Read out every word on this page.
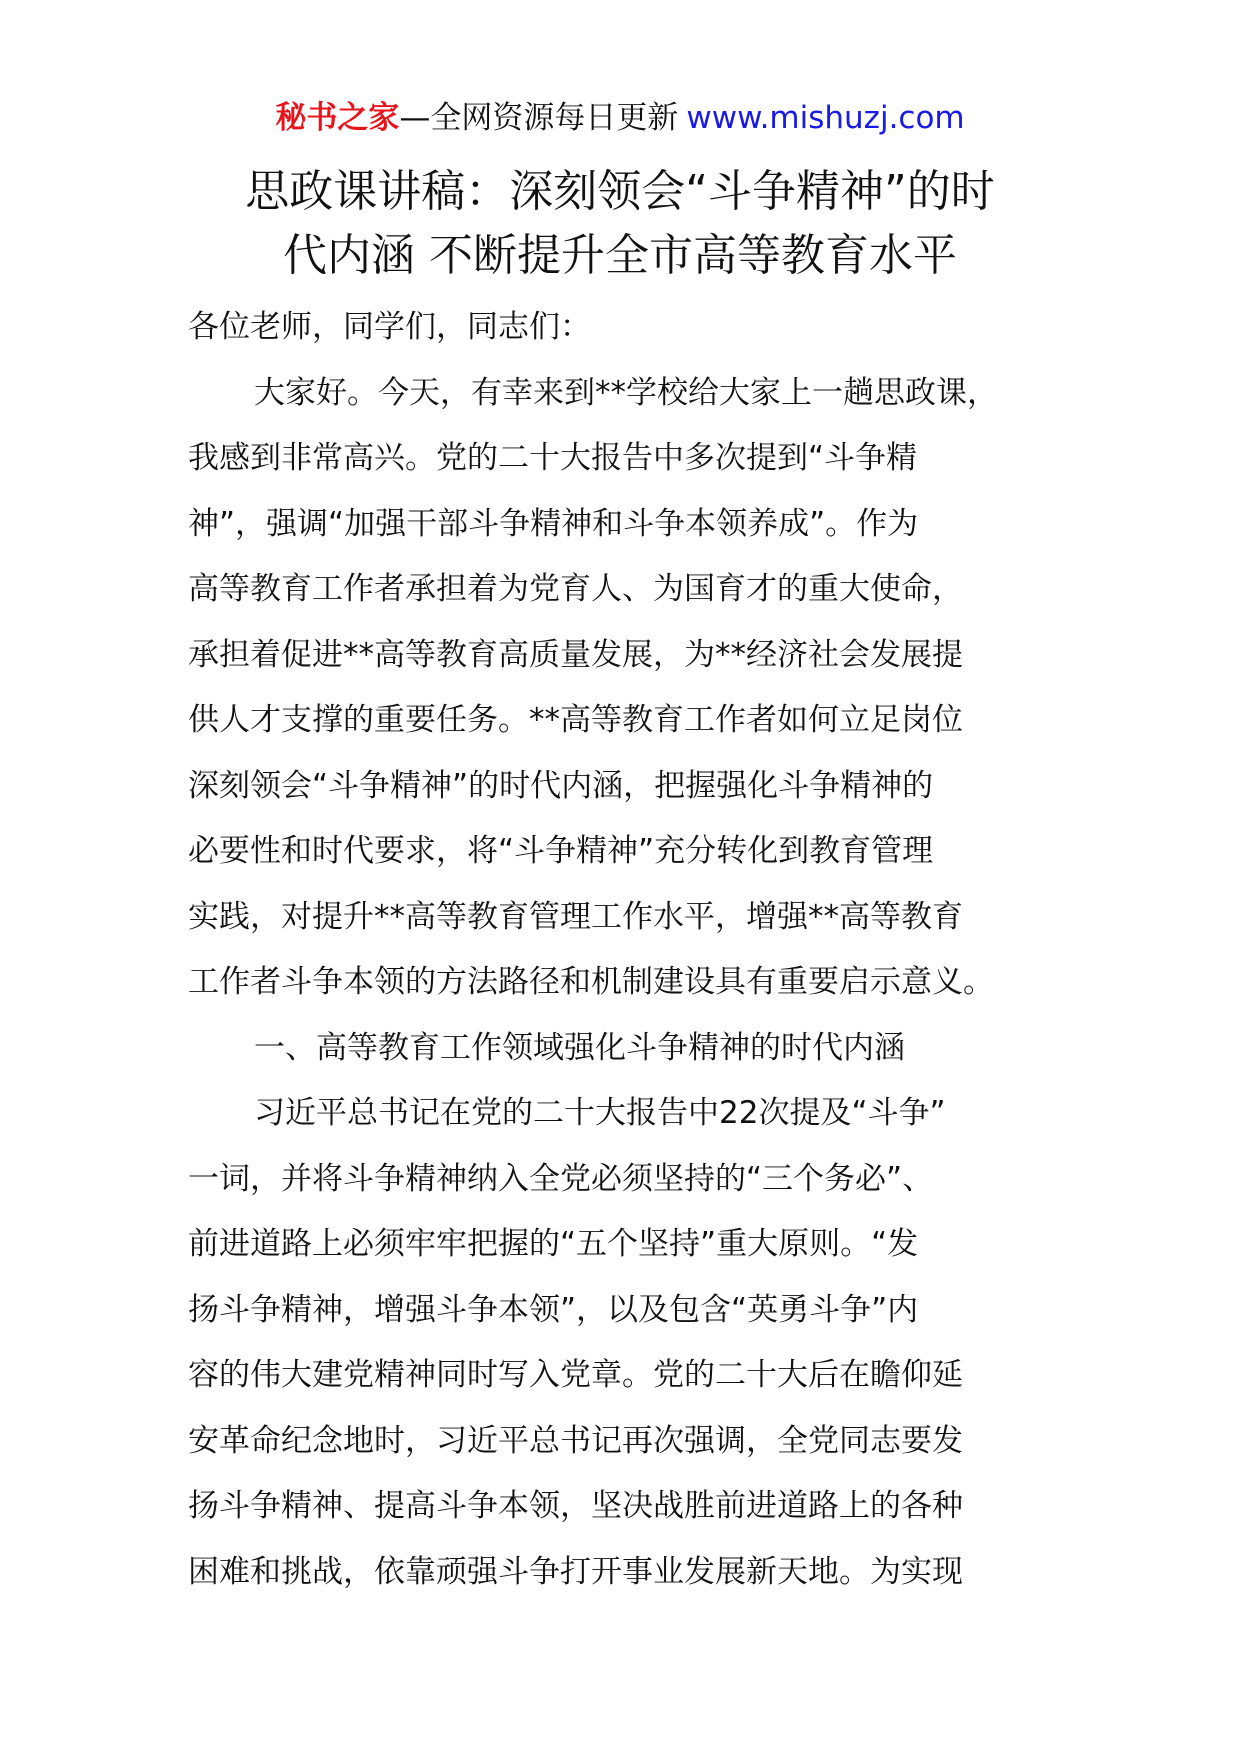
秘书之家—全网资源每日更新 www.mishuzj.com
思政课讲稿：深刻领会“斗争精神”的时
代内涵 不断提升全市高等教育水平
各位老师，同学们，同志们：
大家好。今天，有幸来到**学校给大家上一趟思政课，
我感到非常高兴。党的二十大报告中多次提到“斗争精
神”，强调“加强干部斗争精神和斗争本领养成”。作为
高等教育工作者承担着为党育人、为国育才的重大使命，
承担着促进**高等教育高质量发展，为**经济社会发展提
供人才支撑的重要任务。**高等教育工作者如何立足岗位
深刻领会“斗争精神”的时代内涵，把握强化斗争精神的
必要性和时代要求，将“斗争精神”充分转化到教育管理
实践，对提升**高等教育管理工作水平，增强**高等教育
工作者斗争本领的方法路径和机制建设具有重要启示意义。
一、高等教育工作领域强化斗争精神的时代内涵
习近平总书记在党的二十大报告中22次提及“斗争”
一词，并将斗争精神纳入全党必须坚持的“三个务必”、
前进道路上必须牢牢把握的“五个坚持”重大原则。“发
扬斗争精神，增强斗争本领”，以及包含“英勇斗争”内
容的伟大建党精神同时写入党章。党的二十大后在瞻仰延
安革命纪念地时，习近平总书记再次强调，全党同志要发
扬斗争精神、提高斗争本领，坚决战胜前进道路上的各种
困难和挑战，依靠顽强斗争打开事业发展新天地。为实现
